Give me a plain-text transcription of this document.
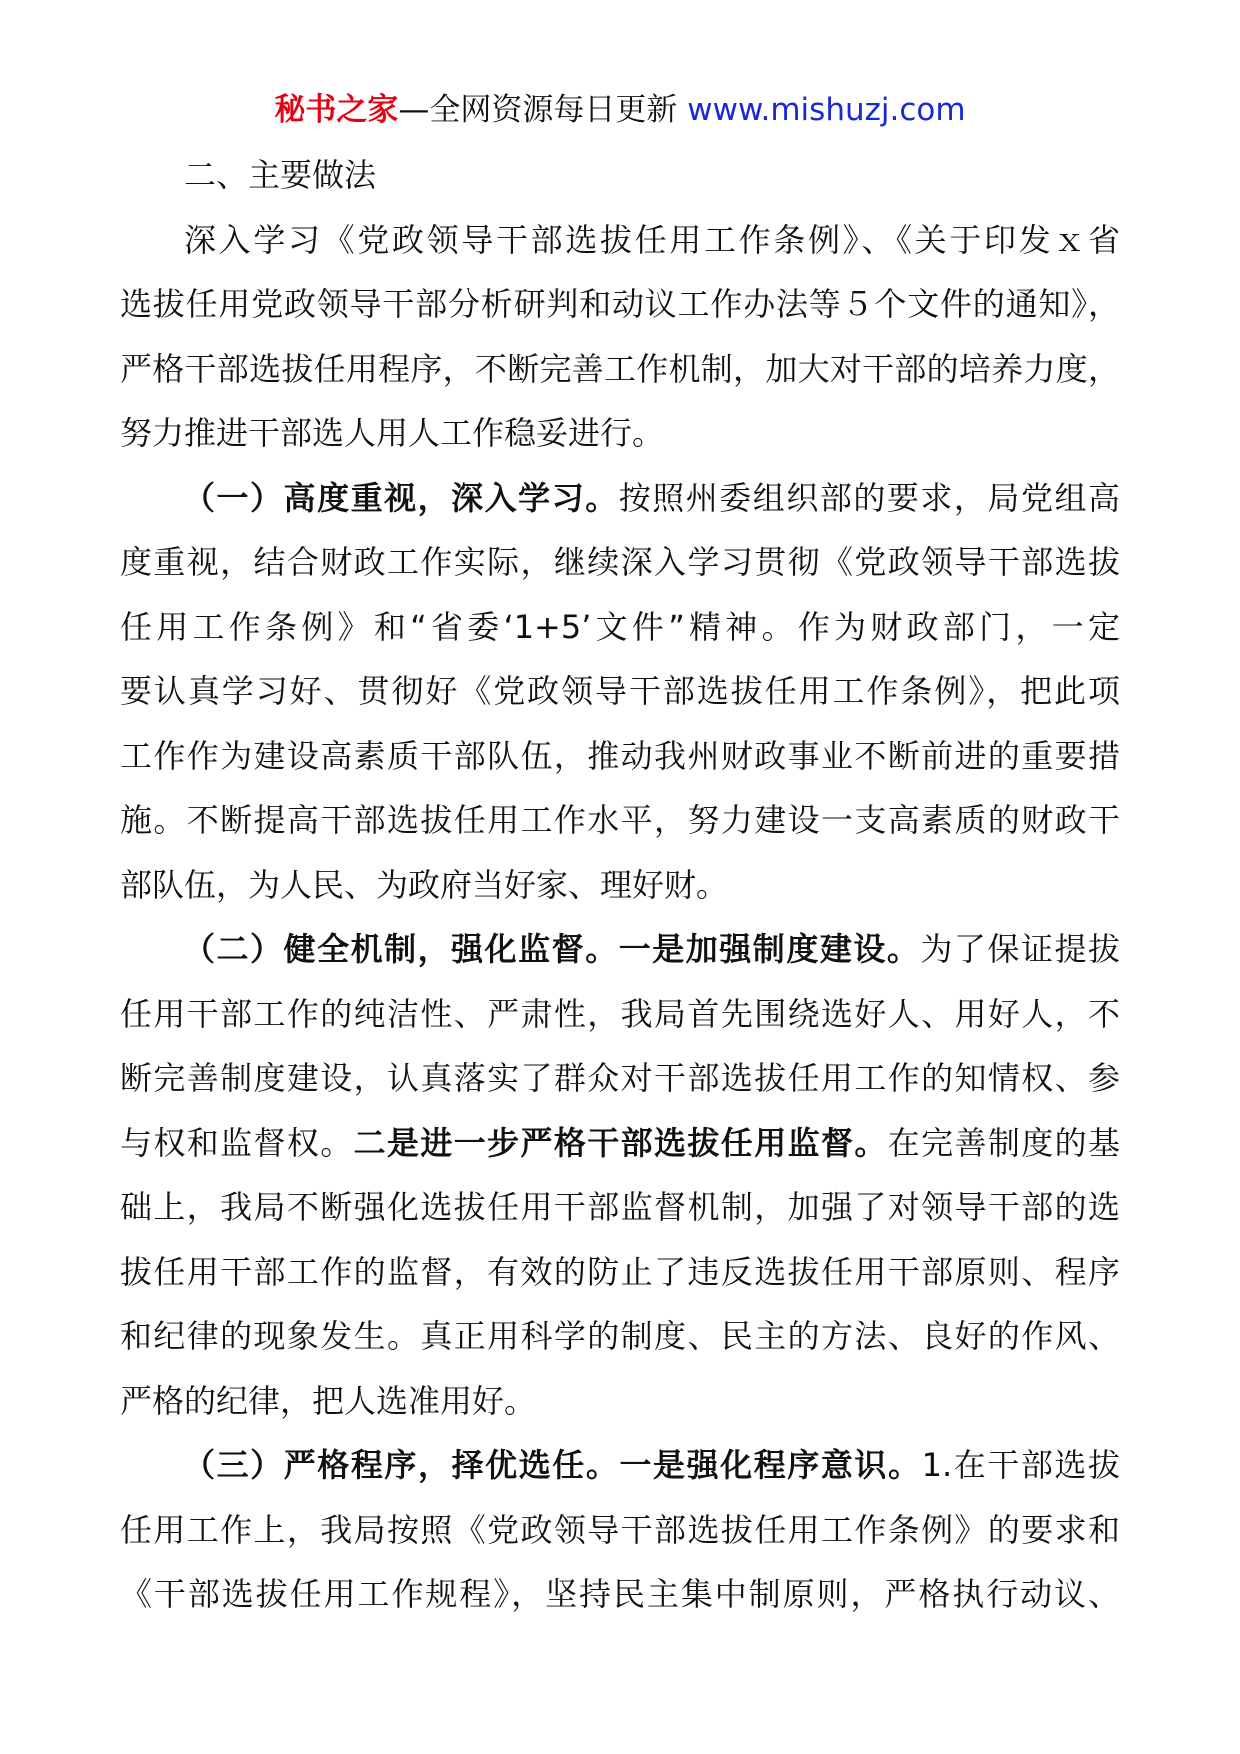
秘书之家—全网资源每日更新 www.mishuzj.com
二、主要做法
深入学习《党政领导干部选拔任用工作条例》、《关于印发ｘ省
选拔任用党政领导干部分析研判和动议工作办法等５个文件的通知》，
严格干部选拔任用程序，不断完善工作机制，加大对干部的培养力度，
努力推进干部选人用人工作稳妥进行。
（一）高度重视，深入学习。按照州委组织部的要求，局党组高
度重视，结合财政工作实际，继续深入学习贯彻《党政领导干部选拔
任用工作条例》和“省委‘1+5’文件”精神。作为财政部门，一定
要认真学习好、贯彻好《党政领导干部选拔任用工作条例》，把此项
工作作为建设高素质干部队伍，推动我州财政事业不断前进的重要措
施。不断提高干部选拔任用工作水平，努力建设一支高素质的财政干
部队伍，为人民、为政府当好家、理好财。
（二）健全机制，强化监督。一是加强制度建设。为了保证提拔
任用干部工作的纯洁性、严肃性，我局首先围绕选好人、用好人，不
断完善制度建设，认真落实了群众对干部选拔任用工作的知情权、参
与权和监督权。二是进一步严格干部选拔任用监督。在完善制度的基
础上，我局不断强化选拔任用干部监督机制，加强了对领导干部的选
拔任用干部工作的监督，有效的防止了违反选拔任用干部原则、程序
和纪律的现象发生。真正用科学的制度、民主的方法、良好的作风、
严格的纪律，把人选准用好。
（三）严格程序，择优选任。一是强化程序意识。1.在干部选拔
任用工作上，我局按照《党政领导干部选拔任用工作条例》的要求和
《干部选拔任用工作规程》，坚持民主集中制原则，严格执行动议、
